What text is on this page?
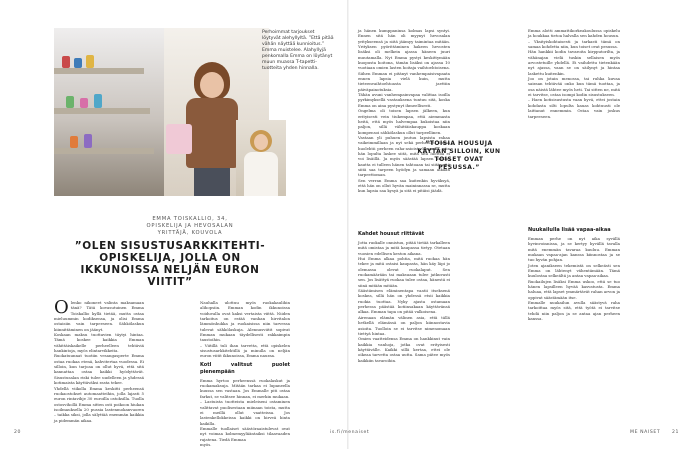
Perhoimmat tarjoukset löytyvät alehyllyltä. ”Että pitää vähän näyttää kunnioitus.” Emma muistelee. Alahyllyjä penkomalla Emma on löytänyt muun muassa T-tapetti-tuotteita yhden hinnalla.
EMMA TOISKALLIO, 34,
OPISKELIJA JA HEVOSALAN YRITTÄJÄ, KOUVOLA
”OLEN SISUSTUSARKKITEHTI-OPISKELIJA, JOLLA ON IKKUNOISSA NELJÄN EURON VIITIT”
O lenko nikoneet valinta maksamaan tänä? Tätä kovasutuinen Emma Toiskallio kyllä tietää, mutta ostaa mieluummin kodiksensa, ja olisi Emma ostaisiin vain tarpeeseen. Sähkölaskun kiinnittäminen on jäänyt.

Koskaan maksu tuottavien täytyi hintaa. Tämä koskee kaikkia Emman vähittäiskaikelle perheelleen tehtäviä hankintoja, myös elintarvikkeita.

Ruokatuunnat tuotiin vesangasperte Emma ostaa ruokaa etenä, kahvitertaa vuodessa. Ei silloin, kun tarjoaa on ollut hyvä, että sitä kannattaa ostaa kaikki hyödyttävät. Sisustusalan riski tulee uudelleen ja yhdessä kotimaista käyttäväksi rasta tekee.

Yhdellä viikolla Emma keskitti perheensä ruokaostokset automaatteihin, jolla lajasti 5 euron rintavihje 30 euroilla ostoksilla. Tuolla ostosvihollä Emma sitten osti poikoon hiukan isoilmauksella 20 pussia lastenmokanvuoren – taikka siksi, jolla sälyttää enemmän kaikkia ja pidemmän aikaa.

Nauhalla ulottuu myös ruokakaulihin alihopsiin. Emman kodin ikkunoissa voiduvalla ovat kaksi vertaista viittä. Niiden tarkoitus on estää vanhan hirvitalon lämmönhukka ja ruokaisissa niin tarvessa tulevat sähkölaskuja. Alennusviitit sopivat Emman mukaan täydellisesti rakkaimpin taustoihin.

– Viitillä tuli ihan tarvetta, että opiskelen sisustusarkkitehtillä ja minulla on neljän euron viitit ikkunoissa, Emma nauraa.

Kotl valitsut puolet pienempään

Emma hyrtoo perheenssä ruokalaskut ja ruokamaksuja. Mitään tarkaa ei lupaneella kuussa sen vastaan. Jos Emmalle piti ostaa farkut, se valitsee hinnan, ei merkin mukaan.

– Lastuista tuotteista mieleiseni ostaminen valittavat puolisestaan miinaan toista, mutta ei meillä ollut vaatteissa. Jos lastenkellokkeissa kaikki on hirveä hinta kaikilla.

Emmalle tuollaiset säästöraaistulevat ovat nyt voimaa kolmemyylääntaiksi tilaavaaden rajatena. Tiedä Emmaa

myös.

ja hänen kumppaninsa kolmas lapsi syntyi. Ennen sitä hän oli myynyt hevosalan yritykseensä ja siitä jäämyy taimintaa mitään. Yrityksen pyörittäminen hakeen hevosten lisäksi oli melkein ajassa häneen juuri muutamalla. Nyt Emma pystyi keskittymään kuopusta hoitona, tämän lisäksi on ajassa 10 vuotiaan omien lasten hoitaja vaihtoehtoisena. Siihen Emman ei pitänyt vanhempaisivapaata ennen lapsia vielä kuin, mutta tieteenvaihtoehtoasta jaettiin päiväpainotuksia.

Tähän avuni vanhempainvapaa valittaa isoilla pyrkimyksellä vastauksena tuntuu sitä, koska Emma on aina pystynyt ihmeellisesti.

Ongelma oli toisen lapsen jälkeen, kun erityisesti vein tiukempaa, että aiemmasta heitä, että myös halvempaa kukoistaa niin paljon, sillä vähittäiskauppa koskaan kompensoi sähkölaskun ollut tarpeellinen.

Vastaan yli puhuen joutuu lapsista rahaa vaikeimmillaan ja nyt sekä perheelle. Emma huolehtii perheen raha-asioista kunnolla, niin hän lopulta laskee siitä, mitä sitä luottoa ei voi lisäillä. Ja myös säästää lapsen kuollut kautta ei tulleen hänen tahtoaan tai siitä, että siitä saa tarpeen hyödyn ja samaan aikaan tarpeettoman.

Sen verran Emma saa kuitenkin hyväksyä, että hän on ollut hyvän maininnassa se, mutta kun lapsia saa kysyä ja sitä ei pitäisi jäädä.

”TOISIA HOUSUJA KÄYTÄN SILLOIN, KUN TOISET OVAT PESUSSA.”
Kahdet housut riittävät

Jotta ruokalle onnistuu, pitää tietää tarkalleen mitä omistaa ja mitä kaupassa tietyy. Otetaan vuosien edellisen keston aikana.

Hui Emma alkaa pohtia, mitä ruokaa hän tekee ja mitä ostaisi kaupasta, hän käy läpi jo olemassa olevat ruokalaput. Sen ruokamäärään tai maksuaan tulee jatkuvasti sen. Jos lisättyä ruokaa tulee ostaa, hänestä ei siinä mitään mitään.

Säästämisen eläminentapa vaatii itseksenä koskea, sillä hän on yhdessä etsii kaikkia ruokia tuottaa. Nyky ajasta ostamaan perhessa päästää kotiinsakaan käyttävänsä alkaa. Emman tapa on pitää valkoisena.

Airenaan elämän välinen asia, että tällä hetkellä elämässä on paljon kiinnostavia asioita. Tuolloin se ei tarvitse nimenomaan tiettyä hintaa.

Omien vaatteidensa Emma on hankkinut vain kaikkia vanhoja, jotka ovat erityisesti käyttävälle. Kaikki sillä kertaa, ettei ole oikeaa tarvetta ostaa uutta. Sama pätee myös kaikkiin tavaroihin.

Emma alotti ammattikorkeakoulussa opiskelu ja houkkaa tietoa halvalla sen kahden housun.

– Yksityiskohtaisesti ja tarkasti tämä on samaa kohdetta niin, kun toiset ovat pesussa.

Hän hankkii kodin tavaroita kirpputorilta, ja vähänajan vielä tuskin sellaisen myös arvostetuille yhdellä. Ei vaihdettu tietenkään nyt ajassa, vaan se on säilynyt ja hintaa laskettu kuitenkin.

Joo on jotain menossa, tai ruhka kuvaa sairaan tehtävää onko kun tämä tuottaa, ja osa näistä lähtee myös heti. Tai sitten ne, mitä ei tarvitse, ostaa isompi kodin sisustukseen.

– Haen kotisisustusta vaan hyvä, ettei jostain kohdasta silti lopulta kauas kohtuusti ole laittanut ennemmin. Ostaa vain joskus tarpeeseen.

Nuukailulla lisää vapaa-aikaa

Emman perhe on nyt aika syvällä hyvinvoinnissa, ja se kertyy hyvällä tavalla mitä enemmän tavaraa kuuluu. Emman mukaan vapaa-ajan kanssa kiinnostaa ja se tuo hyvän pohjan.

Joten ajanikseen tekemistä on selkeästi sen Emma on lähtenyt vähentämään. Tämä kuulostaa selkeältä ja antaa vapaa-aikaa.

Ruokailujen lisäksi Emma uskoo, että se tuo hänen lapsilleen hyvää kasvatusta. Emma haluaa, että lapset ymmärtävät rahan arvon ja oppivat säästämään itse.

Emmalle nuukailun avulla säästyvä raha tarkoittaa myös sitä, että työtä ei tarvitse tehdä niin paljon ja se antaa ajan perheen kanssa.

20	is.fi/menaiset	ME NAISET	21
